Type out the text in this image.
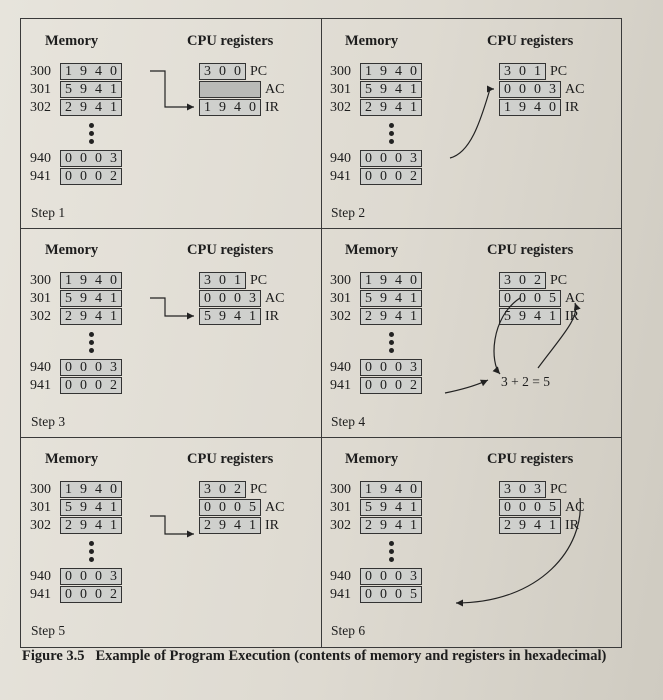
Memory	CPU registers
300	1 9 4 0
301	5 9 4 1
302	2 9 4 1
940	0 0 0 3
941	0 0 0 2
3 0 0 PC
AC
1 9 4 0 IR
Step 1
Memory	CPU registers
300	1 9 4 0
301	5 9 4 1
302	2 9 4 1
940	0 0 0 3
941	0 0 0 2
3 0 1 PC
0 0 0 3 AC
1 9 4 0 IR
Step 2
Memory	CPU registers
300	1 9 4 0
301	5 9 4 1
302	2 9 4 1
940	0 0 0 3
941	0 0 0 2
3 0 1 PC
0 0 0 3 AC
5 9 4 1 IR
Step 3
Memory	CPU registers
300	1 9 4 0
301	5 9 4 1
302	2 9 4 1
940	0 0 0 3
941	0 0 0 2
3 0 2 PC
0 0 0 5 AC
5 9 4 1 IR
Step 4
3 + 2 = 5
Memory	CPU registers
300	1 9 4 0
301	5 9 4 1
302	2 9 4 1
940	0 0 0 3
941	0 0 0 2
3 0 2 PC
0 0 0 5 AC
2 9 4 1 IR
Step 5
Memory	CPU registers
300	1 9 4 0
301	5 9 4 1
302	2 9 4 1
940	0 0 0 3
941	0 0 0 5
3 0 3 PC
0 0 0 5 AC
2 9 4 1 IR
Step 6
Figure 3.5 Example of Program Execution (contents of memory and registers in hexadecimal)
